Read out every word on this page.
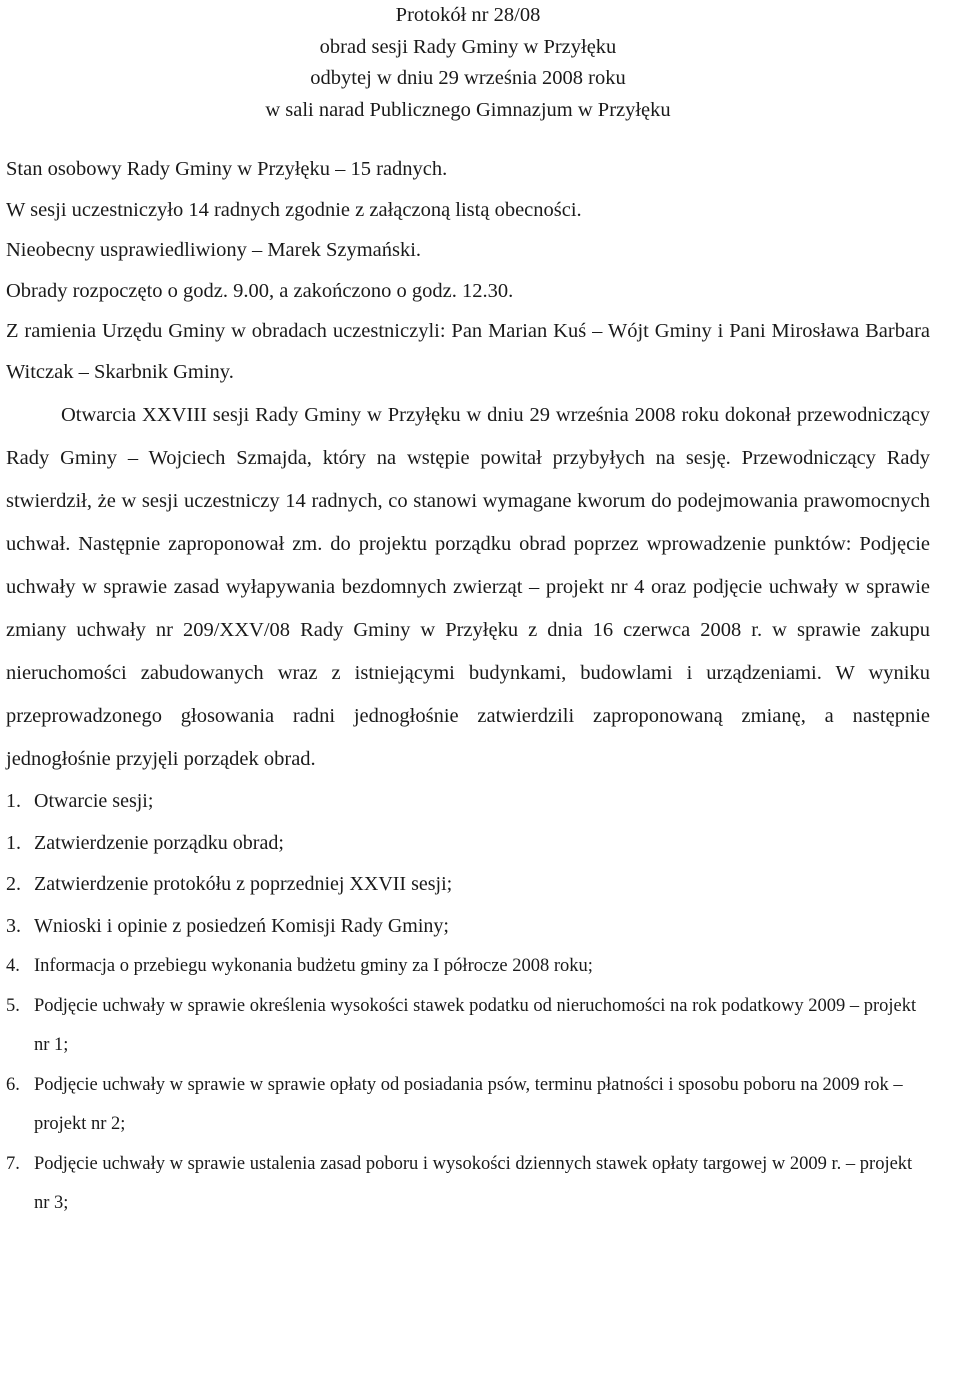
Protokół nr 28/08
obrad sesji Rady Gminy w Przyłęku
odbytej w dniu 29 września 2008 roku
w sali narad Publicznego Gimnazjum w Przyłęku
Stan osobowy Rady Gminy w Przyłęku – 15 radnych.
W sesji uczestniczyło 14 radnych zgodnie z załączoną listą obecności.
Nieobecny usprawiedliwiony – Marek Szymański.
Obrady rozpoczęto o godz. 9.00, a zakończono o godz. 12.30.
Z ramienia Urzędu Gminy w obradach uczestniczyli: Pan Marian Kuś – Wójt Gminy i Pani Mirosława Barbara Witczak – Skarbnik Gminy.

Otwarcia XXVIII sesji Rady Gminy w Przyłęku w dniu 29 września 2008 roku dokonał przewodniczący Rady Gminy – Wojciech Szmajda, który na wstępie powitał przybyłych na sesję. Przewodniczący Rady stwierdził, że w sesji uczestniczy 14 radnych, co stanowi wymagane kworum do podejmowania prawomocnych uchwał. Następnie zaproponował zm. do projektu porządku obrad poprzez wprowadzenie punktów: Podjęcie uchwały w sprawie zasad wyłapywania bezdomnych zwierząt – projekt nr 4 oraz podjęcie uchwały w sprawie zmiany uchwały nr 209/XXV/08 Rady Gminy w Przyłęku z dnia 16 czerwca 2008 r. w sprawie zakupu nieruchomości zabudowanych wraz z istniejącymi budynkami, budowlami i urządzeniami. W wyniku przeprowadzonego głosowania radni jednogłośnie zatwierdzili zaproponowaną zmianę, a następnie jednogłośnie przyjęli porządek obrad.

1. Otwarcie sesji;
1. Zatwierdzenie porządku obrad;
2. Zatwierdzenie protokółu z poprzedniej XXVII sesji;
3. Wnioski i opinie z posiedzeń Komisji Rady Gminy;
4. Informacja o przebiegu wykonania budżetu gminy za I półrocze 2008 roku;
5. Podjęcie uchwały w sprawie określenia wysokości stawek podatku od nieruchomości na rok podatkowy 2009 – projekt nr 1;
6. Podjęcie uchwały w sprawie w sprawie opłaty od posiadania psów, terminu płatności i sposobu poboru na 2009 rok – projekt nr 2;
7. Podjęcie uchwały w sprawie ustalenia zasad poboru i wysokości dziennych stawek opłaty targowej w 2009 r. – projekt nr 3;
